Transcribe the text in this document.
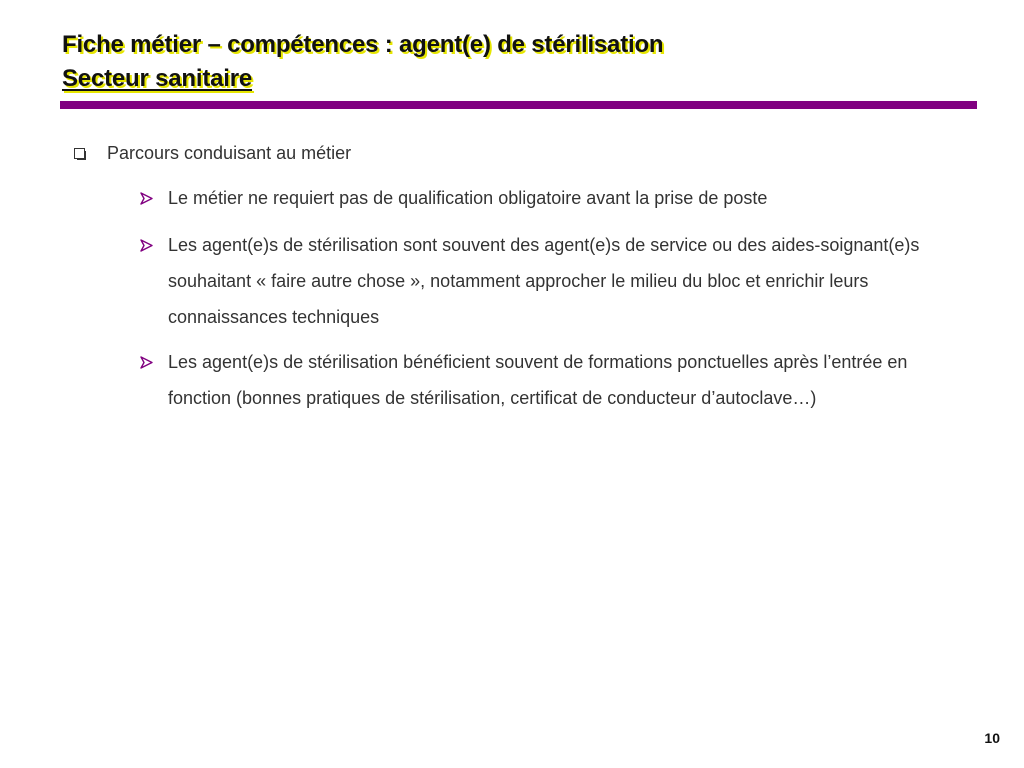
Fiche métier – compétences : agent(e) de stérilisation
Secteur sanitaire
Parcours conduisant au métier
Le métier ne requiert pas de qualification obligatoire avant la prise de poste
Les agent(e)s de stérilisation sont souvent des agent(e)s de service ou des aides-soignant(e)s souhaitant « faire autre chose », notamment approcher le milieu du bloc et enrichir leurs connaissances techniques
Les agent(e)s de stérilisation bénéficient souvent de formations ponctuelles après l’entrée en fonction (bonnes pratiques de stérilisation, certificat de conducteur d’autoclave…)
10
